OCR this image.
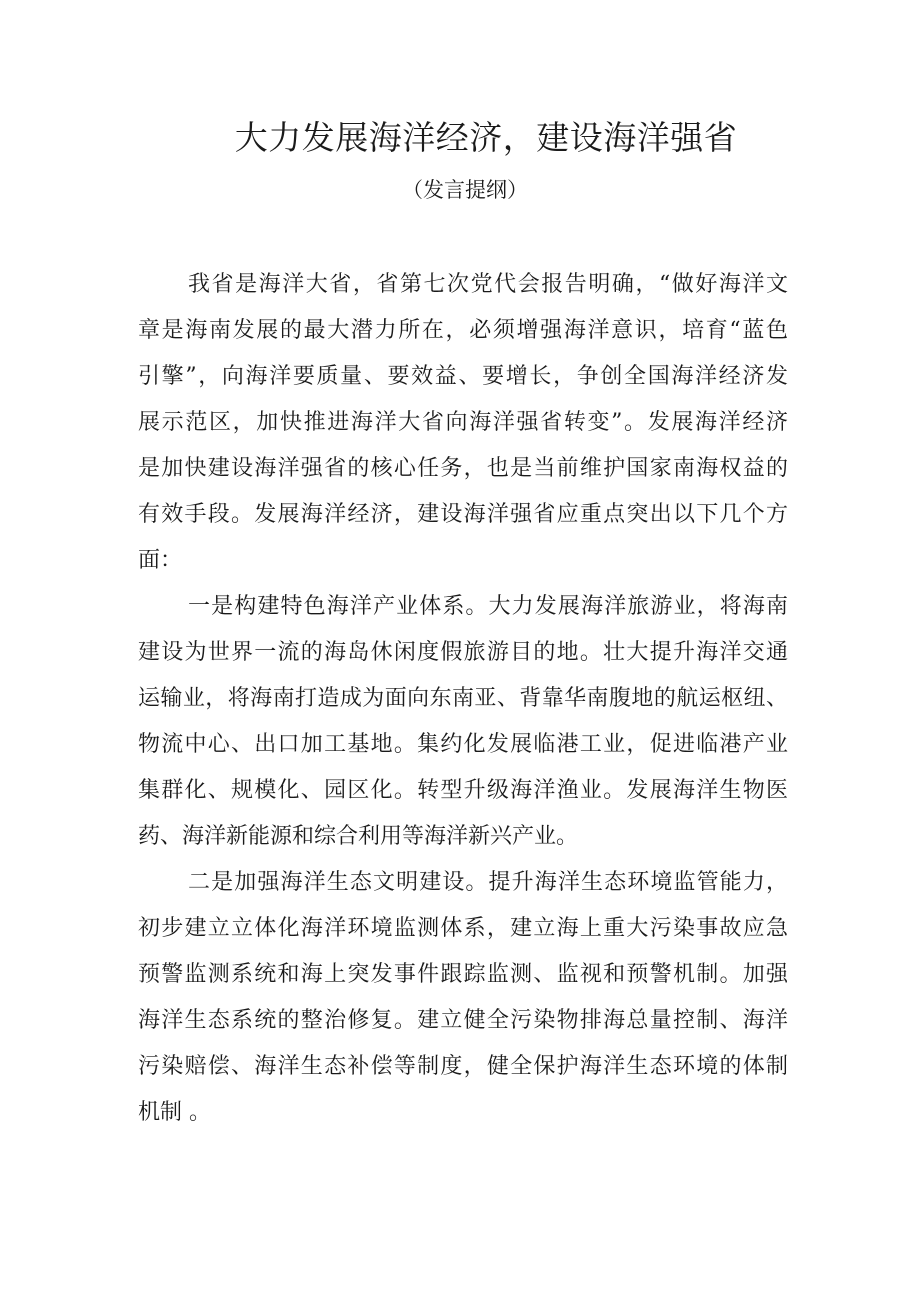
大力发展海洋经济，建设海洋强省
（发言提纲）
我省是海洋大省，省第七次党代会报告明确，“做好海洋文
章是海南发展的最大潜力所在，必须增强海洋意识，培育“蓝色
引擎”，向海洋要质量、要效益、要增长，争创全国海洋经济发
展示范区，加快推进海洋大省向海洋强省转变”。发展海洋经济
是加快建设海洋强省的核心任务，也是当前维护国家南海权益的
有效手段。发展海洋经济，建设海洋强省应重点突出以下几个方
面：
一是构建特色海洋产业体系。大力发展海洋旅游业，将海南
建设为世界一流的海岛休闲度假旅游目的地。壮大提升海洋交通
运输业，将海南打造成为面向东南亚、背靠华南腹地的航运枢纽、
物流中心、出口加工基地。集约化发展临港工业，促进临港产业
集群化、规模化、园区化。转型升级海洋渔业。发展海洋生物医
药、海洋新能源和综合利用等海洋新兴产业。
二是加强海洋生态文明建设。提升海洋生态环境监管能力，
初步建立立体化海洋环境监测体系，建立海上重大污染事故应急
预警监测系统和海上突发事件跟踪监测、监视和预警机制。加强
海洋生态系统的整治修复。建立健全污染物排海总量控制、海洋
污染赔偿、海洋生态补偿等制度，健全保护海洋生态环境的体制
机制 。
